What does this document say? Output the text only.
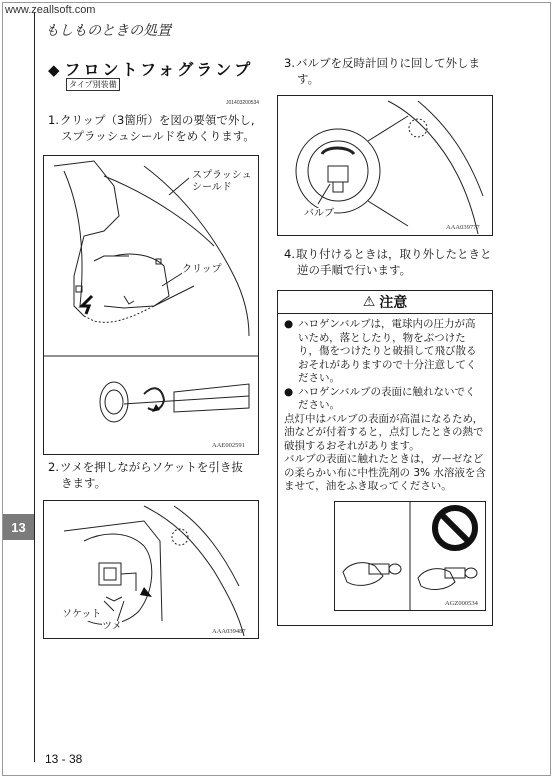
www.zeallsoft.com
もしものときの処置
13
13 - 38
◆ フロントフォグランプ
タイプ別装備
J01403200534
1.クリップ（3箇所）を図の要領で外し,
スプラッシュシールドをめくります。
スプラッシュ
シールド
クリップ
AAE002591
2.ツメを押しながらソケットを引き抜
きます。
ソケット
ツメ	AAA039487
3.バルブを反時計回りに回して外しま
す。
バルブ
AAA039777
4.取り付けるときは，取り外したときと
逆の手順で行います。
⚠ 注意
● ハロゲンバルブは，電球内の圧力が高いため，落としたり，物をぶつけたり，傷をつけたりと破損して飛び散るおそれがありますので十分注意してください。
● ハロゲンバルブの表面に触れないでください。
点灯中はバルブの表面が高温になるため，油などが付着すると，点灯したときの熱で破損するおそれがあります。
バルブの表面に触れたときは，ガーゼなどの柔らかい布に中性洗剤の 3% 水溶液を含ませて，油をふき取ってください。
AGZ000534
